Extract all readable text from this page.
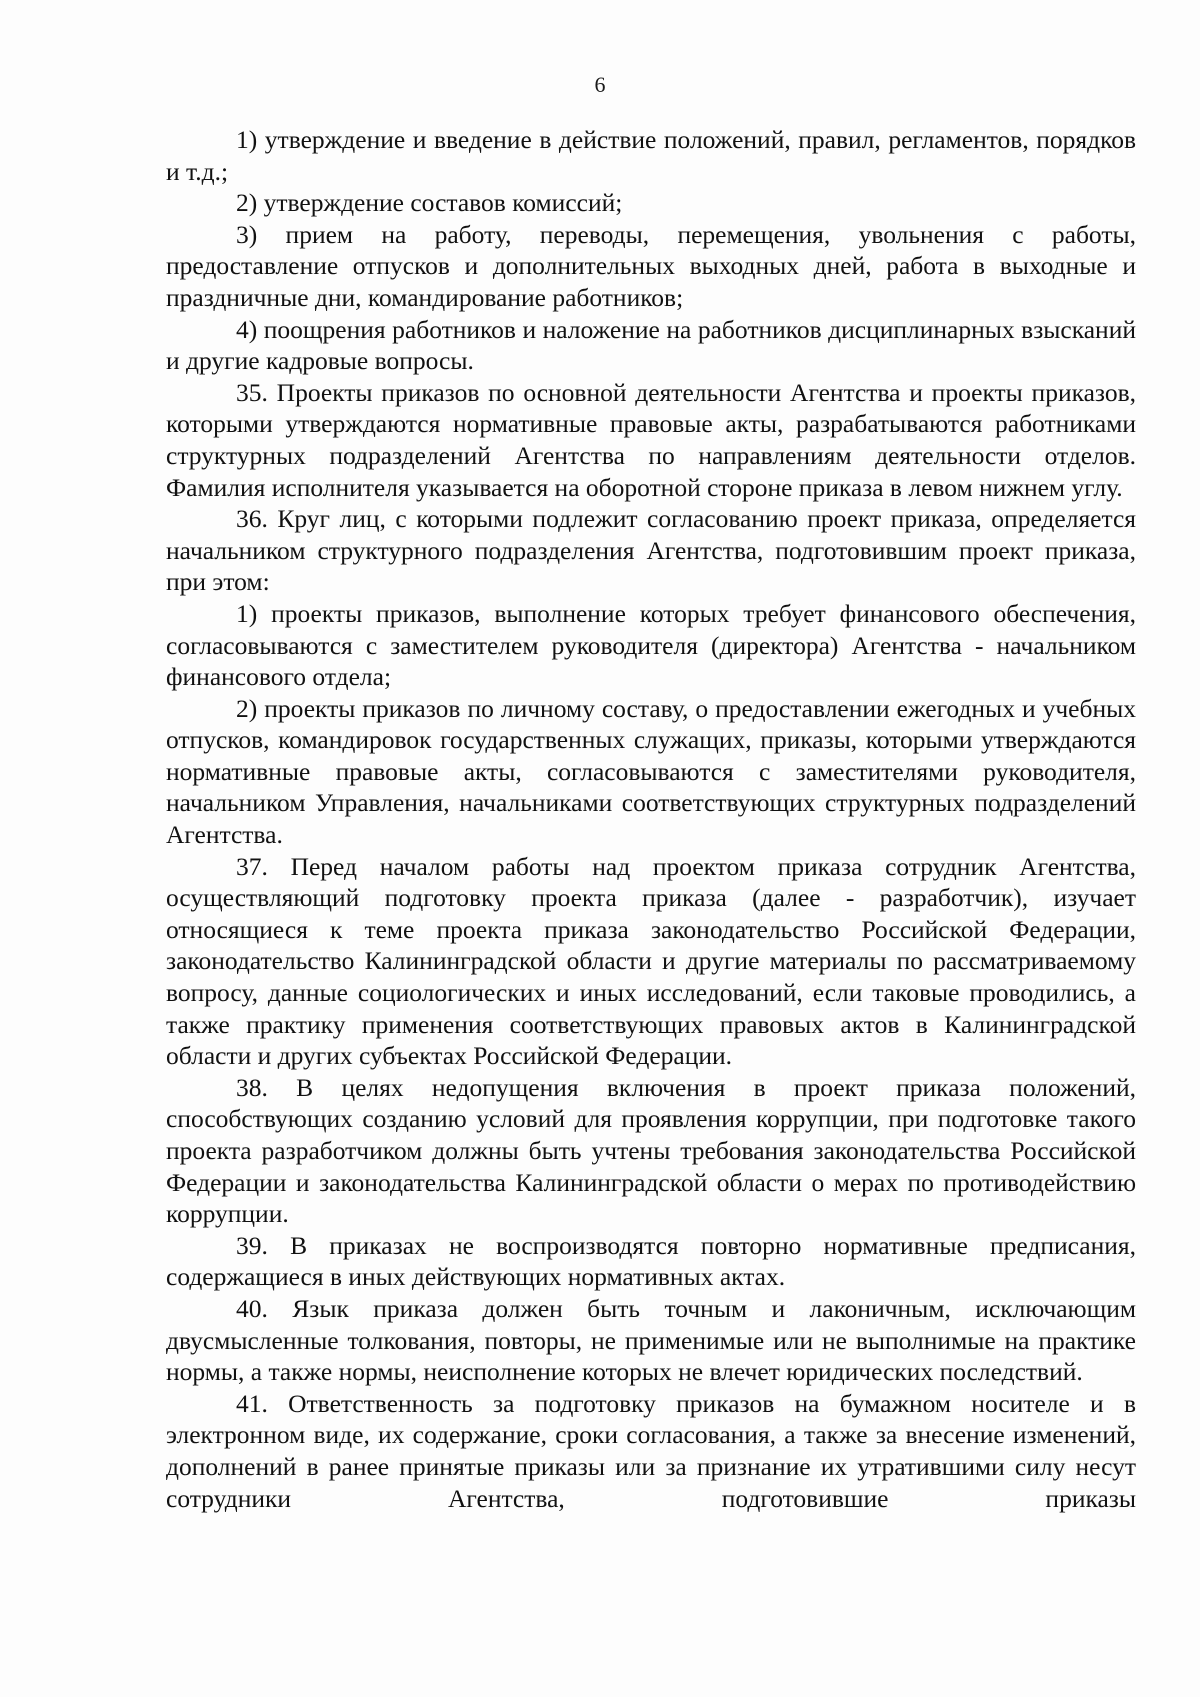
6

1) утверждение и введение в действие положений, правил, регламентов, порядков и т.д.;

2) утверждение составов комиссий;

3) прием на работу, переводы, перемещения, увольнения с работы, предоставление отпусков и дополнительных выходных дней, работа в выходные и праздничные дни, командирование работников;

4) поощрения работников и наложение на работников дисциплинарных взысканий и другие кадровые вопросы.

35. Проекты приказов по основной деятельности Агентства и проекты приказов, которыми утверждаются нормативные правовые акты, разрабатываются работниками структурных подразделений Агентства по направлениям деятельности отделов. Фамилия исполнителя указывается на оборотной стороне приказа в левом нижнем углу.

36. Круг лиц, с которыми подлежит согласованию проект приказа, определяется начальником структурного подразделения Агентства, подготовившим проект приказа, при этом:

1) проекты приказов, выполнение которых требует финансового обеспечения, согласовываются с заместителем руководителя (директора) Агентства - начальником финансового отдела;

2) проекты приказов по личному составу, о предоставлении ежегодных и учебных отпусков, командировок государственных служащих, приказы, которыми утверждаются нормативные правовые акты, согласовываются с заместителями руководителя, начальником Управления, начальниками соответствующих структурных подразделений Агентства.

37. Перед началом работы над проектом приказа сотрудник Агентства, осуществляющий подготовку проекта приказа (далее - разработчик), изучает относящиеся к теме проекта приказа законодательство Российской Федерации, законодательство Калининградской области и другие материалы по рассматриваемому вопросу, данные социологических и иных исследований, если таковые проводились, а также практику применения соответствующих правовых актов в Калининградской области и других субъектах Российской Федерации.

38. В целях недопущения включения в проект приказа положений, способствующих созданию условий для проявления коррупции, при подготовке такого проекта разработчиком должны быть учтены требования законодательства Российской Федерации и законодательства Калининградской области о мерах по противодействию коррупции.

39. В приказах не воспроизводятся повторно нормативные предписания, содержащиеся в иных действующих нормативных актах.

40. Язык приказа должен быть точным и лаконичным, исключающим двусмысленные толкования, повторы, не применимые или не выполнимые на практике нормы, а также нормы, неисполнение которых не влечет юридических последствий.

41. Ответственность за подготовку приказов на бумажном носителе и в электронном виде, их содержание, сроки согласования, а также за внесение изменений, дополнений в ранее принятые приказы или за признание их утратившими силу несут сотрудники Агентства, подготовившие приказы
